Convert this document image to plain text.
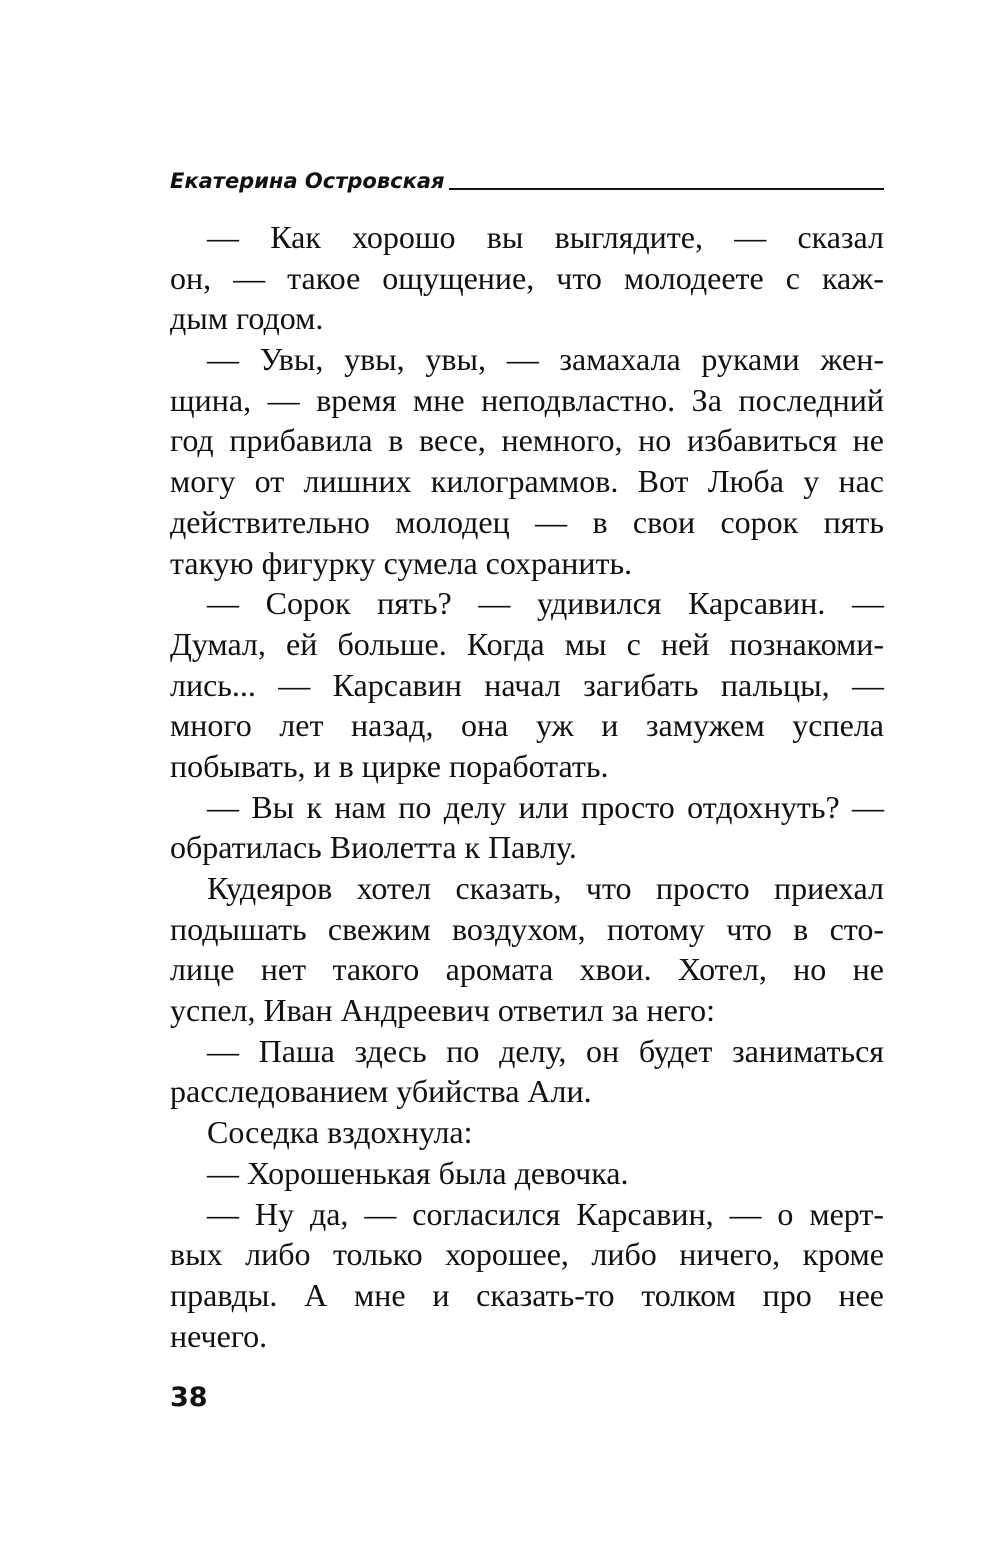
Екатерина Островская
— Как хорошо вы выглядите, — сказал
он, — такое ощущение, что молодеете с каж-
дым годом.
— Увы, увы, увы, — замахала руками жен-
щина, — время мне неподвластно. За последний
год прибавила в весе, немного, но избавиться не
могу от лишних килограммов. Вот Люба у нас
действительно молодец — в свои сорок пять
такую фигурку сумела сохранить.
— Сорок пять? — удивился Карсавин. —
Думал, ей больше. Когда мы с ней познакоми-
лись... — Карсавин начал загибать пальцы, —
много лет назад, она уж и замужем успела
побывать, и в цирке поработать.
— Вы к нам по делу или просто отдохнуть? —
обратилась Виолетта к Павлу.
Кудеяров хотел сказать, что просто приехал
подышать свежим воздухом, потому что в сто-
лице нет такого аромата хвои. Хотел, но не
успел, Иван Андреевич ответил за него:
— Паша здесь по делу, он будет заниматься
расследованием убийства Али.
Соседка вздохнула:
— Хорошенькая была девочка.
— Ну да, — согласился Карсавин, — о мерт-
вых либо только хорошее, либо ничего, кроме
правды. А мне и сказать-то толком про нее
нечего.
38
